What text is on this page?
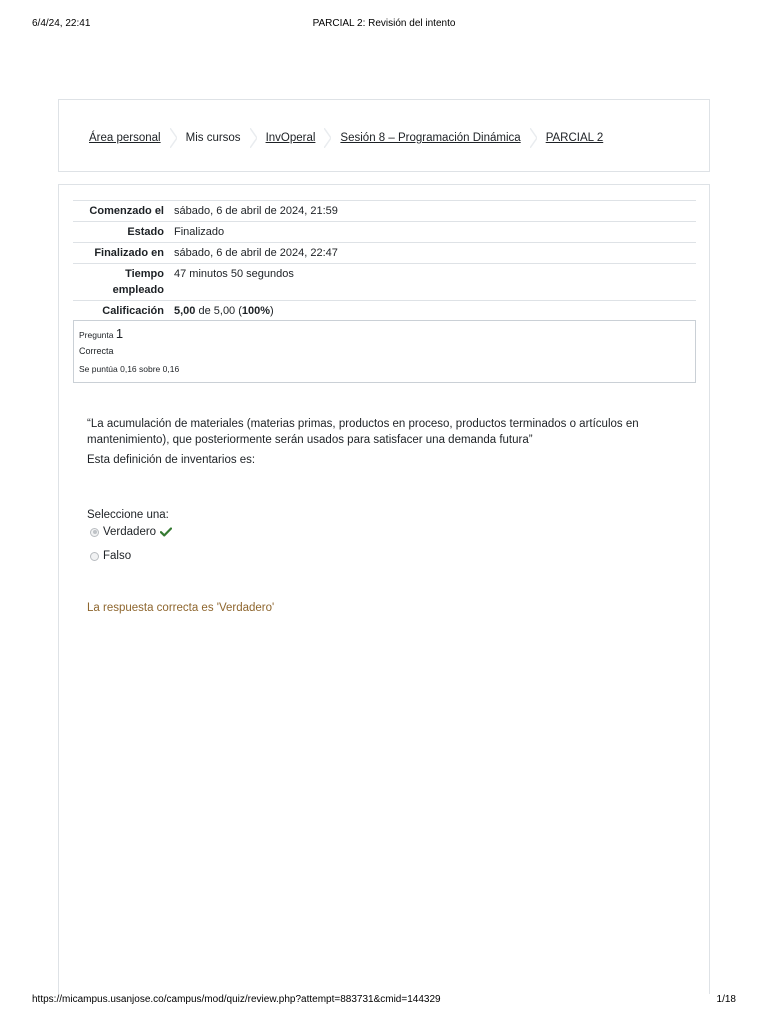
6/4/24, 22:41	PARCIAL 2: Revisión del intento
Área personal Mis cursos InvOperal Sesión 8 – Programación Dinámica PARCIAL 2
Comenzado el	sábado, 6 de abril de 2024, 21:59
Estado	Finalizado
Finalizado en	sábado, 6 de abril de 2024, 22:47
Tiempo
empleado	47 minutos 50 segundos
Calificación	5,00 de 5,00 (100%)
Pregunta 1
Correcta
Se puntúa 0,16 sobre 0,16
“La acumulación de materiales (materias primas, productos en proceso, productos terminados o artículos en mantenimiento), que posteriormente serán usados para satisfacer una demanda futura”
Esta definición de inventarios es:
Seleccione una:
Verdadero
Falso
La respuesta correcta es 'Verdadero'
https://micampus.usanjose.co/campus/mod/quiz/review.php?attempt=883731&cmid=144329	1/18
